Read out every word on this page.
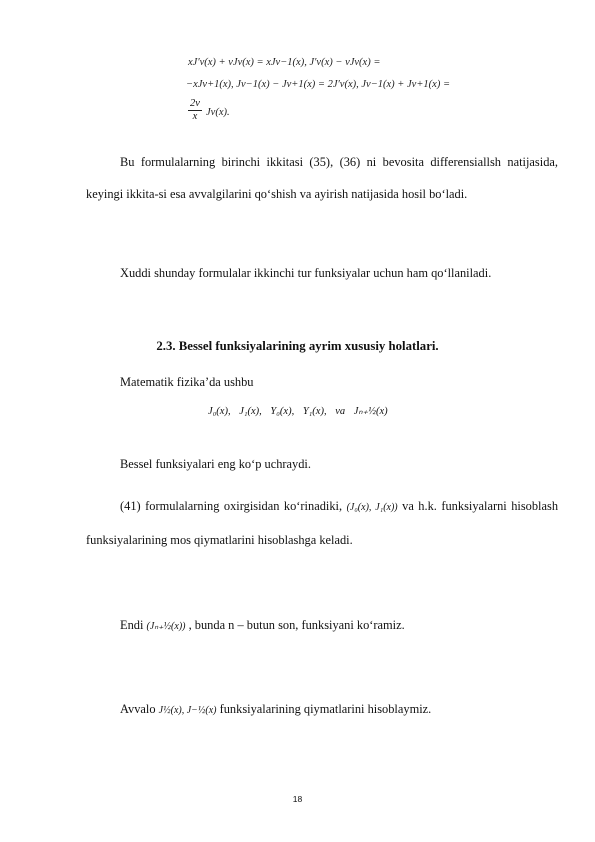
xJ′ν(x) + νJν(x) = xJν−1(x), J′ν(x) − νJν(x) =
−xJν+1(x), Jν−1(x) − Jν+1(x) = 2J′ν(x), Jν−1(x) + Jν+1(x) =
$\frac{2\nu}{x} J\nu(x)$.
Bu formulalarning birinchi ikkitasi (35), (36) ni bevosita differensiallsh natijasida, keyingi ikkita-si esa avvalgilarini qo‘shish va ayirish natijasida hosil bo‘ladi.
Xuddi shunday formulalar ikkinchi tur funksiyalar uchun ham qo‘llaniladi.
2.3. Bessel funksiyalarining ayrim xususiy holatlari.
Matematik fizika’da ushbu
J₀(x), J₁(x), Y₀(x), Y₁(x), va Jₙ₊½(x)
Bessel funksiyalari eng ko‘p uchraydi.
(41) formulalarning oxirgisidan ko‘rinadiki, (J₀(x), J₁(x)) va h.k. funksiyalarni hisoblash funksiyalarining mos qiymatlarini hisoblashga keladi.
Endi (Jₙ₊½(x)) , bunda n – butun son, funksiyani ko‘ramiz.
Avvalo J½(x), J−½(x) funksiyalarining qiymatlarini hisoblaymiz.
18
